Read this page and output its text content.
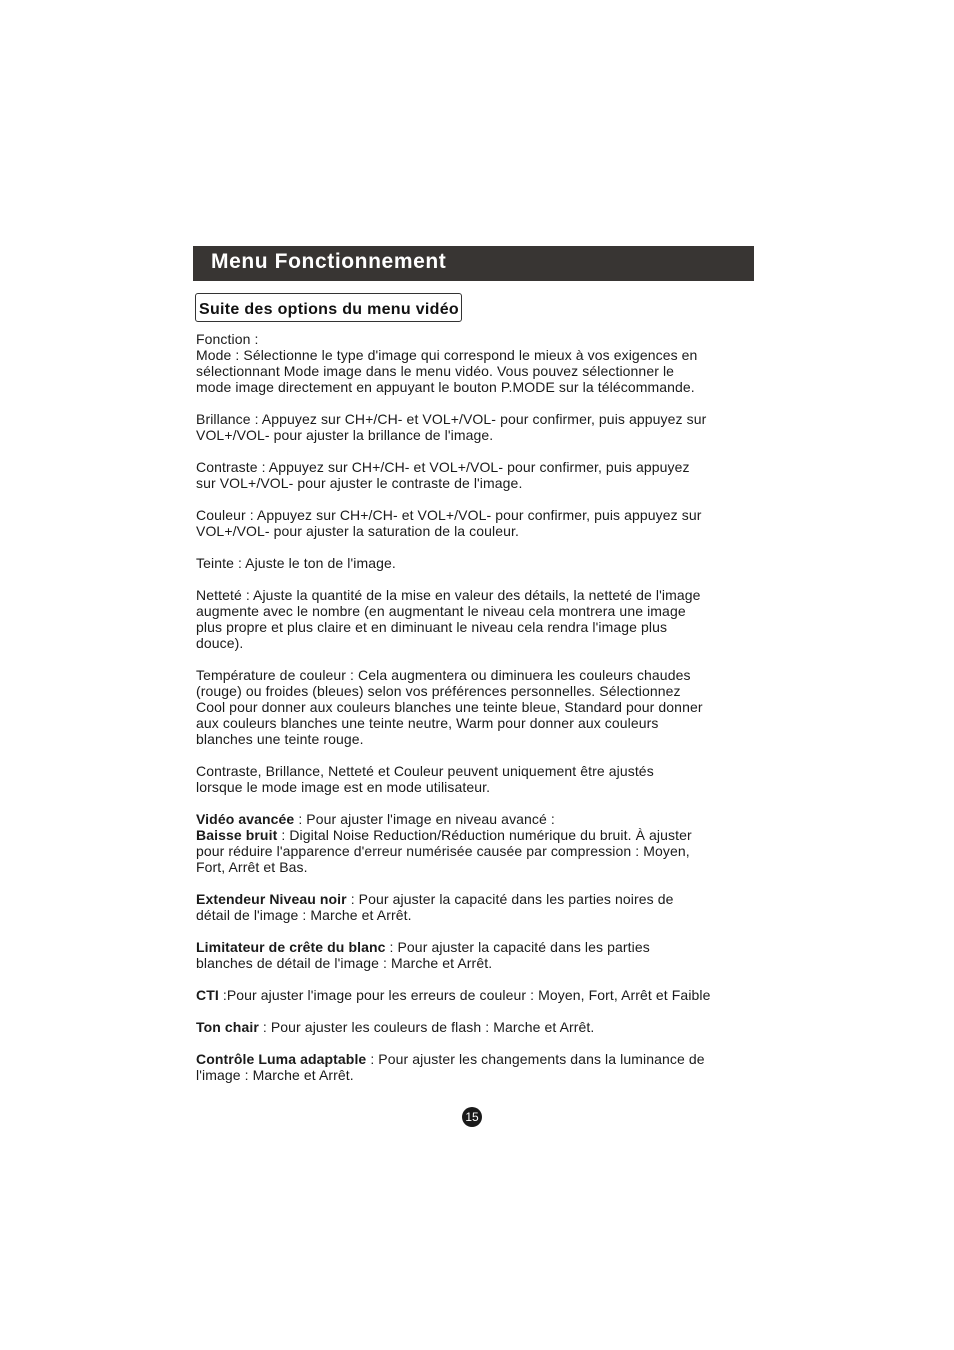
Menu Fonctionnement
Suite des options du menu vidéo

Fonction :
Mode : Sélectionne le type d'image qui correspond le mieux à vos exigences en
sélectionnant Mode image dans le menu vidéo. Vous pouvez sélectionner le
mode image directement en appuyant le bouton P.MODE sur la télécommande.

Brillance : Appuyez sur CH+/CH- et VOL+/VOL- pour confirmer, puis appuyez sur
VOL+/VOL- pour ajuster la brillance de l'image.

Contraste : Appuyez sur CH+/CH- et VOL+/VOL- pour confirmer, puis appuyez
sur VOL+/VOL- pour ajuster le contraste de l'image.

Couleur : Appuyez sur CH+/CH- et VOL+/VOL- pour confirmer, puis appuyez sur
VOL+/VOL- pour ajuster la saturation de la couleur.

Teinte : Ajuste le ton de l'image.

Netteté : Ajuste la quantité de la mise en valeur des détails, la netteté de l'image
augmente avec le nombre (en augmentant le niveau cela montrera une image
plus propre et plus claire et en diminuant le niveau cela rendra l'image plus
douce).

Température de couleur : Cela augmentera ou diminuera les couleurs chaudes
(rouge) ou froides (bleues) selon vos préférences personnelles. Sélectionnez
Cool pour donner aux couleurs blanches une teinte bleue, Standard pour donner
aux couleurs blanches une teinte neutre, Warm pour donner aux couleurs
blanches une teinte rouge.

Contraste, Brillance, Netteté et Couleur peuvent uniquement être ajustés
lorsque le mode image est en mode utilisateur.

Vidéo avancée : Pour ajuster l'image en niveau avancé :
Baisse bruit : Digital Noise Reduction/Réduction numérique du bruit. À ajuster
pour réduire l'apparence d'erreur numérisée causée par compression : Moyen,
Fort, Arrêt et Bas.

Extendeur Niveau noir : Pour ajuster la capacité dans les parties noires de
détail de l'image : Marche et Arrêt.

Limitateur de crête du blanc : Pour ajuster la capacité dans les parties
blanches de détail de l'image : Marche et Arrêt.

CTI :Pour ajuster l'image pour les erreurs de couleur : Moyen, Fort, Arrêt et Faible

Ton chair : Pour ajuster les couleurs de flash : Marche et Arrêt.

Contrôle Luma adaptable : Pour ajuster les changements dans la luminance de
l'image : Marche et Arrêt.

15
